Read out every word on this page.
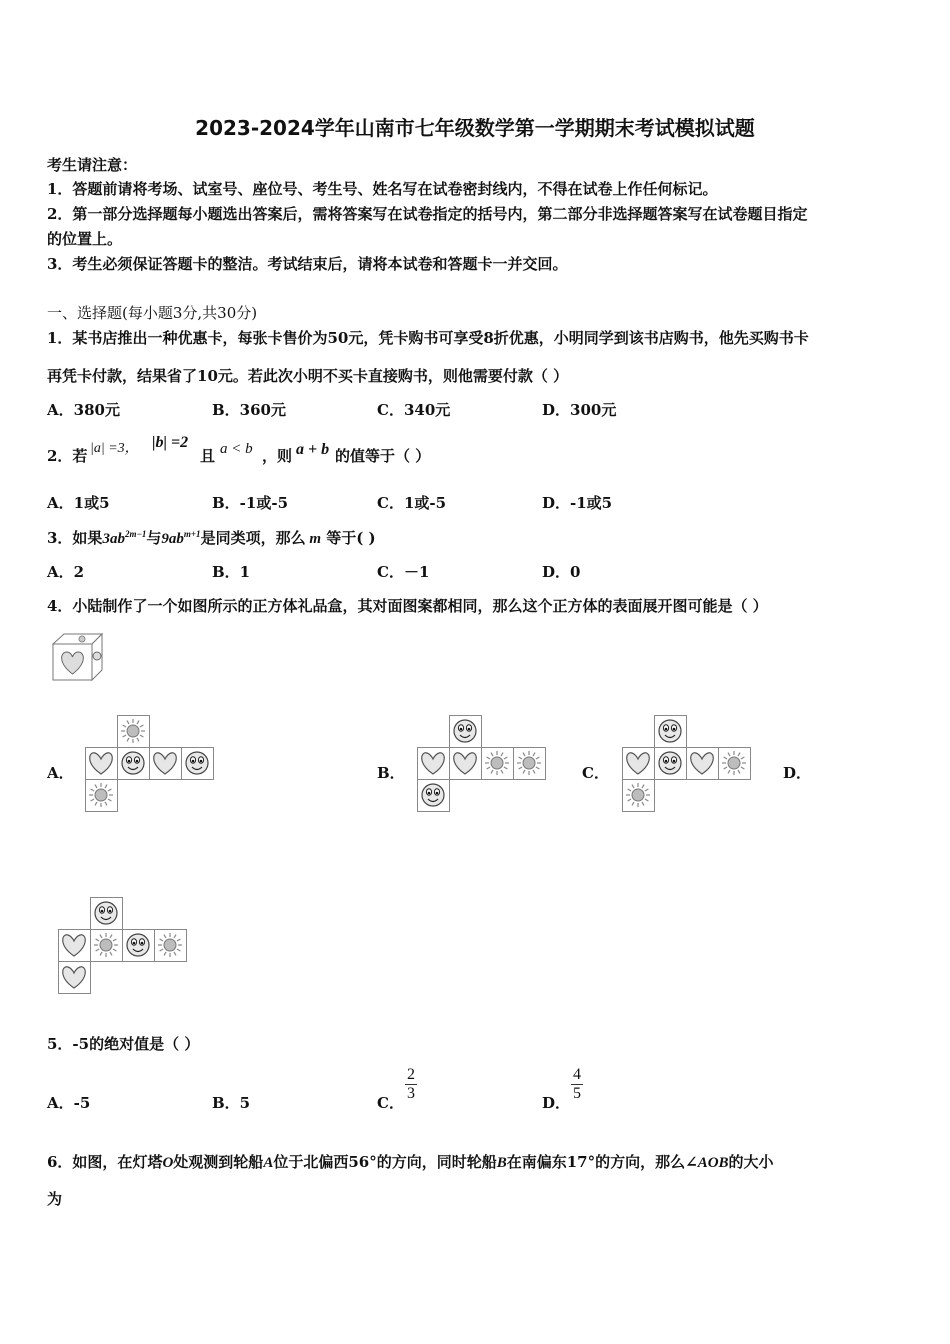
2023-2024学年山南市七年级数学第一学期期末考试模拟试题
考生请注意：
1．答题前请将考场、试室号、座位号、考生号、姓名写在试卷密封线内，不得在试卷上作任何标记。
2．第一部分选择题每小题选出答案后，需将答案写在试卷指定的括号内，第二部分非选择题答案写在试卷题目指定
的位置上。
3．考生必须保证答题卡的整洁。考试结束后，请将本试卷和答题卡一并交回。
一、选择题(每小题3分,共30分)
1．某书店推出一种优惠卡，每张卡售价为50元，凭卡购书可享受8折优惠，小明同学到该书店购书，他先买购书卡
再凭卡付款，结果省了10元。若此次小明不买卡直接购书，则他需要付款（ ）
A．380元	B．360元	C．340元	D．300元
2．若 |a| =3， |b| =2
且 a < b ，则 a + b 的值等于（ ）
A．1或5	B．-1或-5	C．1或-5	D．-1或5
3．如果$3ab^{2m-1}$与$9ab^{m+1}$是同类项，那么 m 等于( )
A．2	B．1	C．－1	D．0
4．小陆制作了一个如图所示的正方体礼品盒，其对面图案都相同，那么这个正方体的表面展开图可能是（ ）
A．	B．	C．	D．
5．-5的绝对值是（ ）
A．-5	B．5	C． $\frac{2}{3}$	D． $\frac{4}{5}$
6．如图，在灯塔O处观测到轮船A位于北偏西56°的方向，同时轮船B在南偏东17°的方向，那么∠AOB的大小
为
